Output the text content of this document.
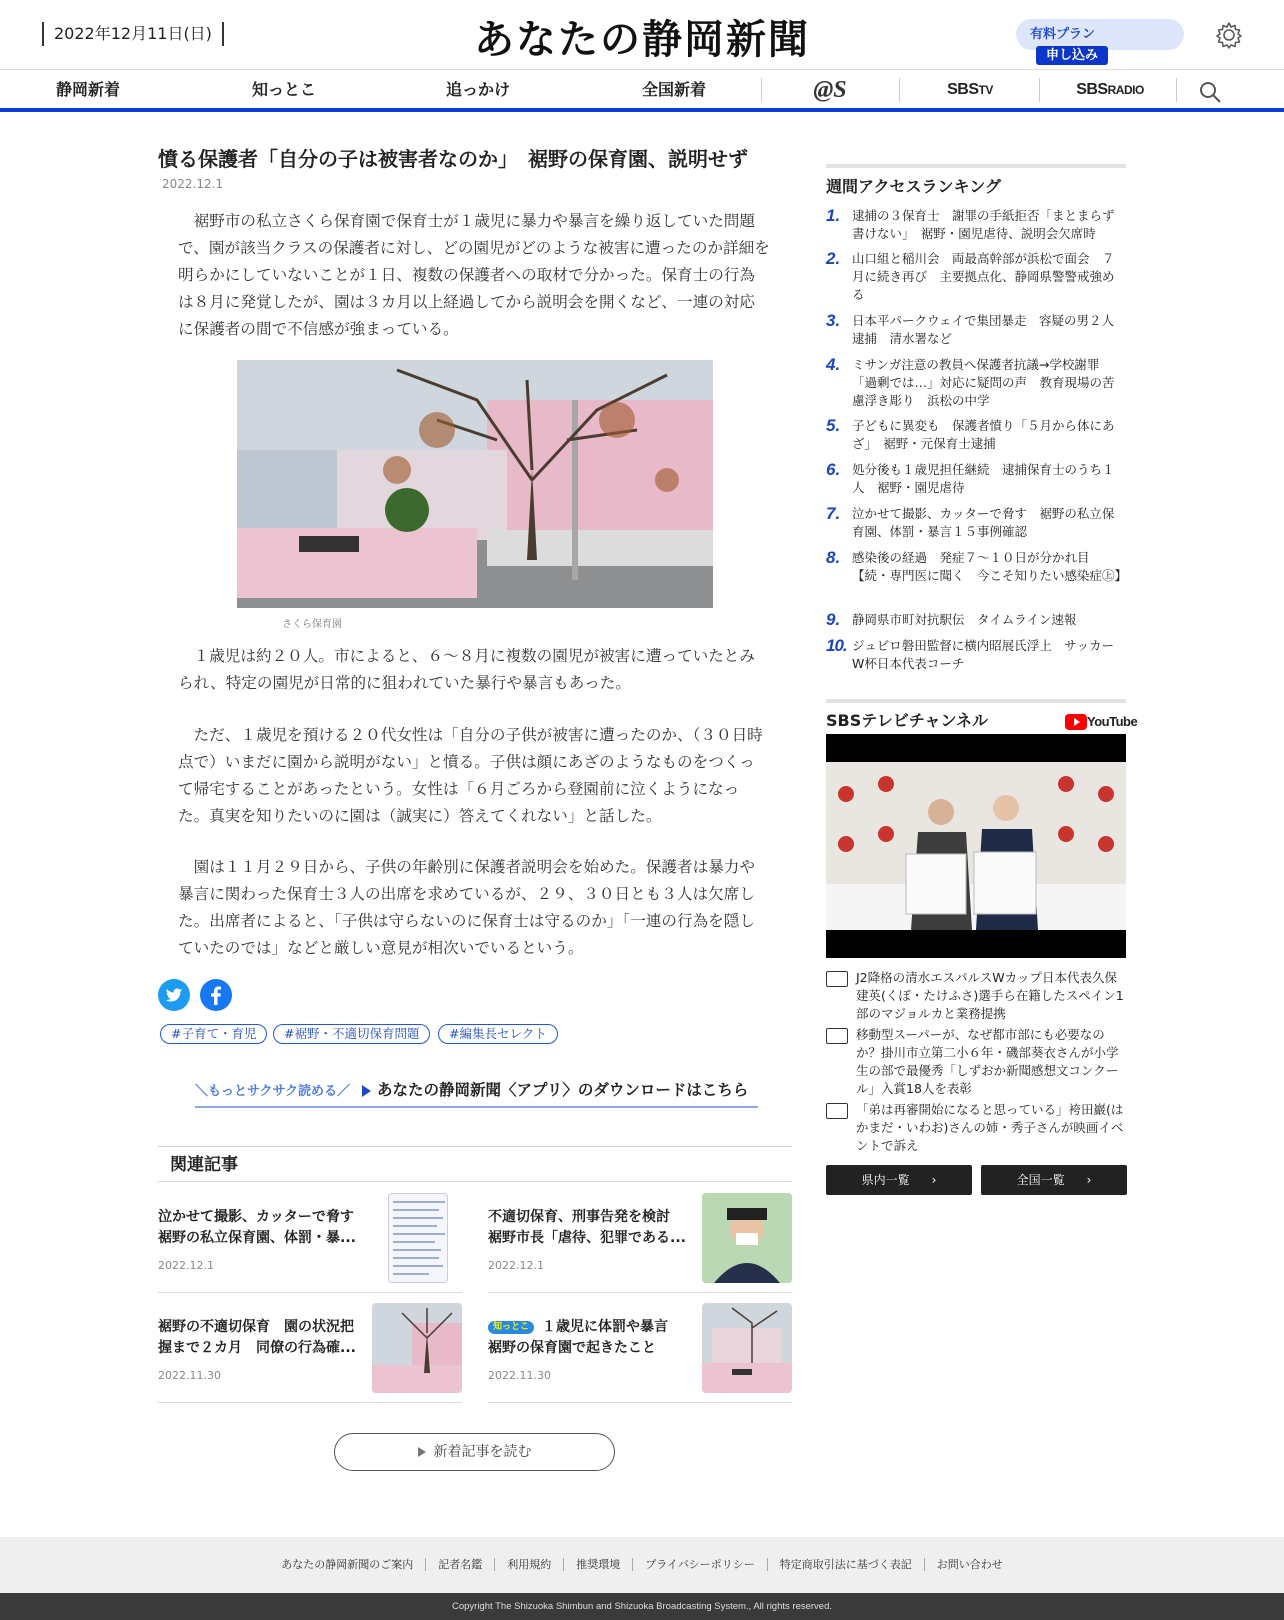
2022年12月11日(日)	あなたの静岡新聞	有料プラン 申し込み
静岡新着	知っとこ	追っかけ	全国新着	@S	SBSTV	SBSRADIO
憤る保護者「自分の子は被害者なのか」　裾野の保育園、説明せず
2022.12.1

裾野市の私立さくら保育園で保育士が１歳児に暴力や暴言を繰り返していた問題で、園が該当クラスの保護者に対し、どの園児がどのような被害に遭ったのか詳細を明らかにしていないことが１日、複数の保護者への取材で分かった。保育士の行為は８月に発覚したが、園は３カ月以上経過してから説明会を開くなど、一連の対応に保護者の間で不信感が強まっている。

さくら保育園

１歳児は約２０人。市によると、６～８月に複数の園児が被害に遭っていたとみられ、特定の園児が日常的に狙われていた暴行や暴言もあった。

ただ、１歳児を預ける２０代女性は「自分の子供が被害に遭ったのか、（３０日時点で）いまだに園から説明がない」と憤る。子供は顔にあざのようなものをつくって帰宅することがあったという。女性は「６月ごろから登園前に泣くようになった。真実を知りたいのに園は（誠実に）答えてくれない」と話した。

園は１１月２９日から、子供の年齢別に保護者説明会を始めた。保護者は暴力や暴言に関わった保育士３人の出席を求めているが、２９、３０日とも３人は欠席した。出席者によると、「子供は守らないのに保育士は守るのか」「一連の行為を隠していたのでは」などと厳しい意見が相次いでいるという。

#子育て・育児	#裾野・不適切保育問題	#編集長セレクト
＼もっとサクサク読める／ あなたの静岡新聞〈アプリ〉のダウンロードはこちら
関連記事
泣かせて撮影、カッターで脅す　裾野の私立保育園、体罰・暴...
2022.12.1
不適切保育、刑事告発を検討　裾野市長「虐待、犯罪である...
2022.12.1
裾野の不適切保育　園の状況把握まで２カ月　同僚の行為確...
2022.11.30
知っとこ １歳児に体罰や暴言　裾野の保育園で起きたこと
2022.11.30
新着記事を読む
週間アクセスランキング
1. 逮捕の３保育士　謝罪の手紙拒否「まとまらず書けない」　裾野・園児虐待、説明会欠席時
2. 山口組と稲川会　両最高幹部が浜松で面会　７月に続き再び　主要拠点化、静岡県警警戒強める
3. 日本平パークウェイで集団暴走　容疑の男２人逮捕　清水署など
4. ミサンガ注意の教員へ保護者抗議→学校謝罪「過剰では…」対応に疑問の声　教育現場の苦慮浮き彫り　浜松の中学
5. 子どもに異変も　保護者憤り「５月から体にあざ」　裾野・元保育士逮捕
6. 処分後も１歳児担任継続　逮捕保育士のうち１人　裾野・園児虐待
7. 泣かせて撮影、カッターで脅す　裾野の私立保育園、体罰・暴言１５事例確認
8. 感染後の経過　発症７～１０日が分かれ目【続・専門医に聞く　今こそ知りたい感染症㊤】
9. 静岡県市町対抗駅伝　タイムライン速報
10. ジュビロ磐田監督に横内昭展氏浮上　サッカーW杯日本代表コーチ
SBSテレビチャンネル	YouTube
J2降格の清水エスパルスWカップ日本代表久保建英(くぼ・たけふさ)選手ら在籍したスペイン1部のマジョルカと業務提携
移動型スーパーが、なぜ都市部にも必要なのか？掛川市立第二小６年・磯部葵衣さんが小学生の部で最優秀「しずおか新聞感想文コンクール」入賞18人を表彰
「弟は再審開始になると思っている」袴田巖(はかまだ・いわお)さんの姉・秀子さんが映画イベントで訴え
県内一覧 ›	全国一覧 ›
あなたの静岡新聞のご案内 記者名鑑 利用規約 推奨環境 プライバシーポリシー 特定商取引法に基づく表記 お問い合わせ
Copyright The Shizuoka Shimbun and Shizuoka Broadcasting System., All rights reserved.
